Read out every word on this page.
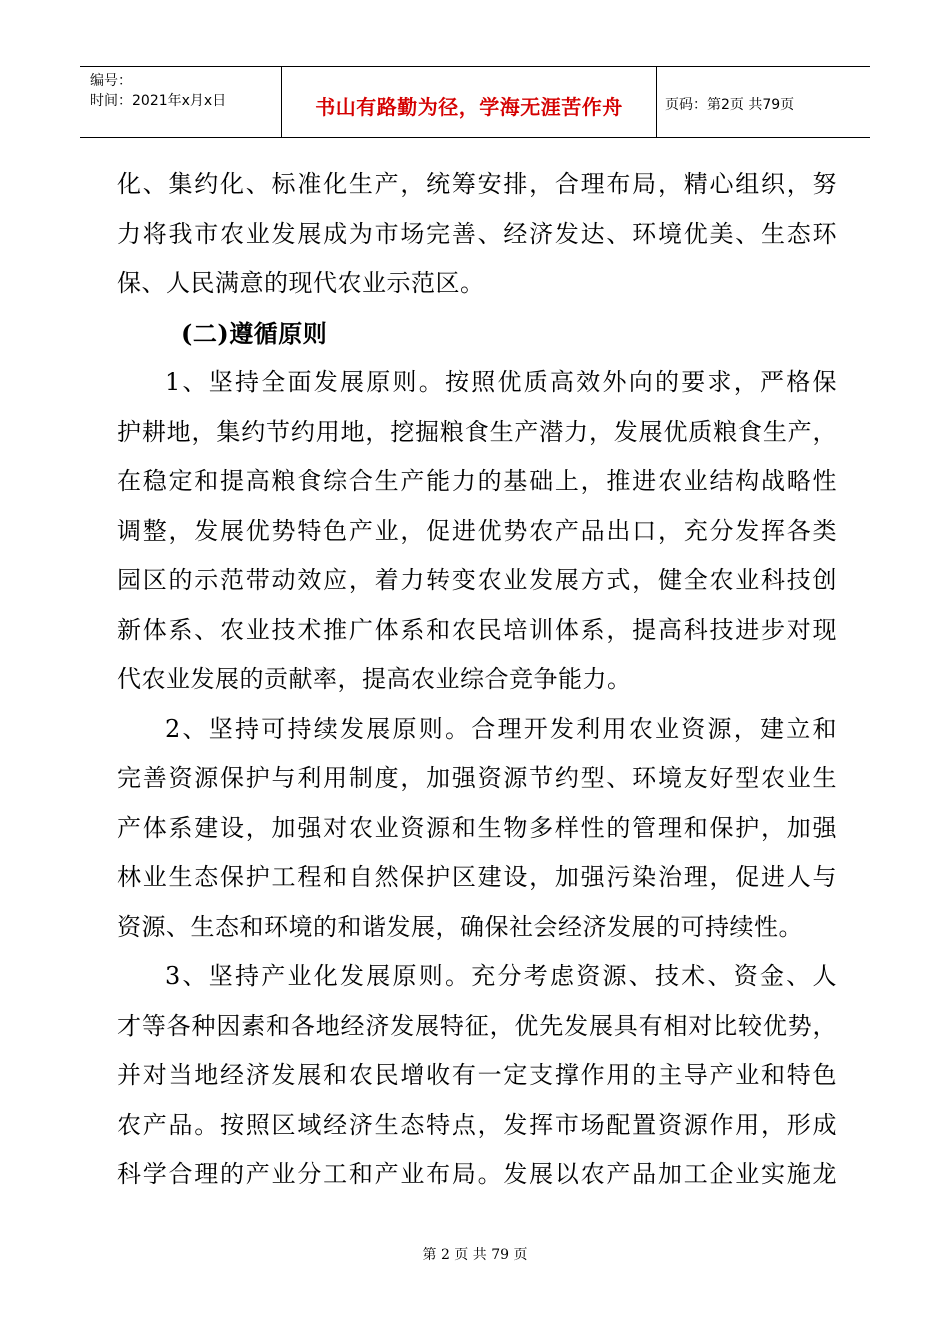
编号：
时间：2021年x月x日	书山有路勤为径，学海无涯苦作舟	页码：第2页 共79页
化、集约化、标准化生产，统筹安排，合理布局，精心组织，努
力将我市农业发展成为市场完善、经济发达、环境优美、生态环
保、人民满意的现代农业示范区。
(二)遵循原则
1、坚持全面发展原则。按照优质高效外向的要求，严格保
护耕地，集约节约用地，挖掘粮食生产潜力，发展优质粮食生产，
在稳定和提高粮食综合生产能力的基础上，推进农业结构战略性
调整，发展优势特色产业，促进优势农产品出口，充分发挥各类
园区的示范带动效应，着力转变农业发展方式，健全农业科技创
新体系、农业技术推广体系和农民培训体系，提高科技进步对现
代农业发展的贡献率，提高农业综合竞争能力。
2、坚持可持续发展原则。合理开发利用农业资源，建立和
完善资源保护与利用制度，加强资源节约型、环境友好型农业生
产体系建设，加强对农业资源和生物多样性的管理和保护，加强
林业生态保护工程和自然保护区建设，加强污染治理，促进人与
资源、生态和环境的和谐发展，确保社会经济发展的可持续性。
3、坚持产业化发展原则。充分考虑资源、技术、资金、人
才等各种因素和各地经济发展特征，优先发展具有相对比较优势，
并对当地经济发展和农民增收有一定支撑作用的主导产业和特色
农产品。按照区域经济生态特点，发挥市场配置资源作用，形成
科学合理的产业分工和产业布局。发展以农产品加工企业实施龙
第 2 页 共 79 页
